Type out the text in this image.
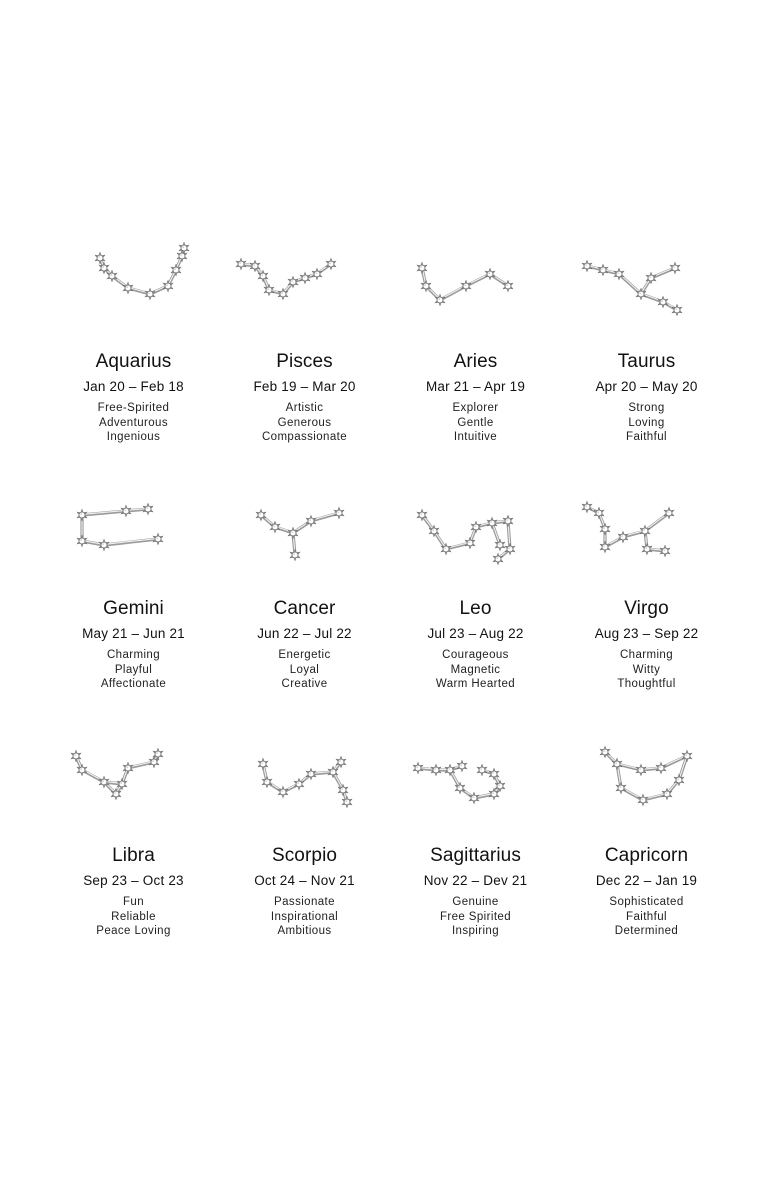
Aquarius
Jan 20 – Feb 18
Free-Spirited
Adventurous
Ingenious
Pisces
Feb 19 – Mar 20
Artistic
Generous
Compassionate
Aries
Mar 21 – Apr 19
Explorer
Gentle
Intuitive
Taurus
Apr 20 – May 20
Strong
Loving
Faithful
Gemini
May 21 – Jun 21
Charming
Playful
Affectionate
Cancer
Jun 22 – Jul 22
Energetic
Loyal
Creative
Leo
Jul 23 – Aug 22
Courageous
Magnetic
Warm Hearted
Virgo
Aug 23 – Sep 22
Charming
Witty
Thoughtful
Libra
Sep 23 – Oct 23
Fun
Reliable
Peace Loving
Scorpio
Oct 24 – Nov 21
Passionate
Inspirational
Ambitious
Sagittarius
Nov 22 – Dev 21
Genuine
Free Spirited
Inspiring
Capricorn
Dec 22 – Jan 19
Sophisticated
Faithful
Determined
